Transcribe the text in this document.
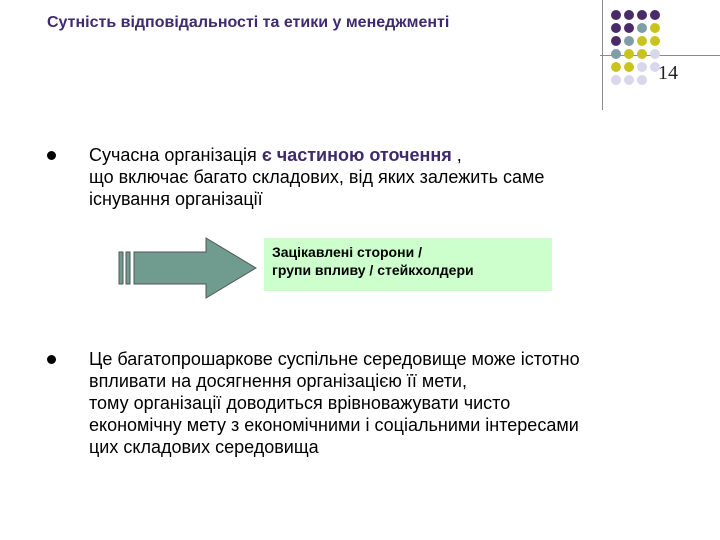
Сутність відповідальності та етики у менеджменті
14
Сучасна організація є частиною оточення ,
що включає багато складових, від яких залежить саме
існування організації
Зацікавлені сторони /
групи впливу / стейкхолдери
Це багатопрошаркове суспільне середовище може істотно
впливати на досягнення організацією її мети,
тому організації доводиться врівноважувати чисто
економічну мету з економічними і соціальними інтересами
цих складових середовища
